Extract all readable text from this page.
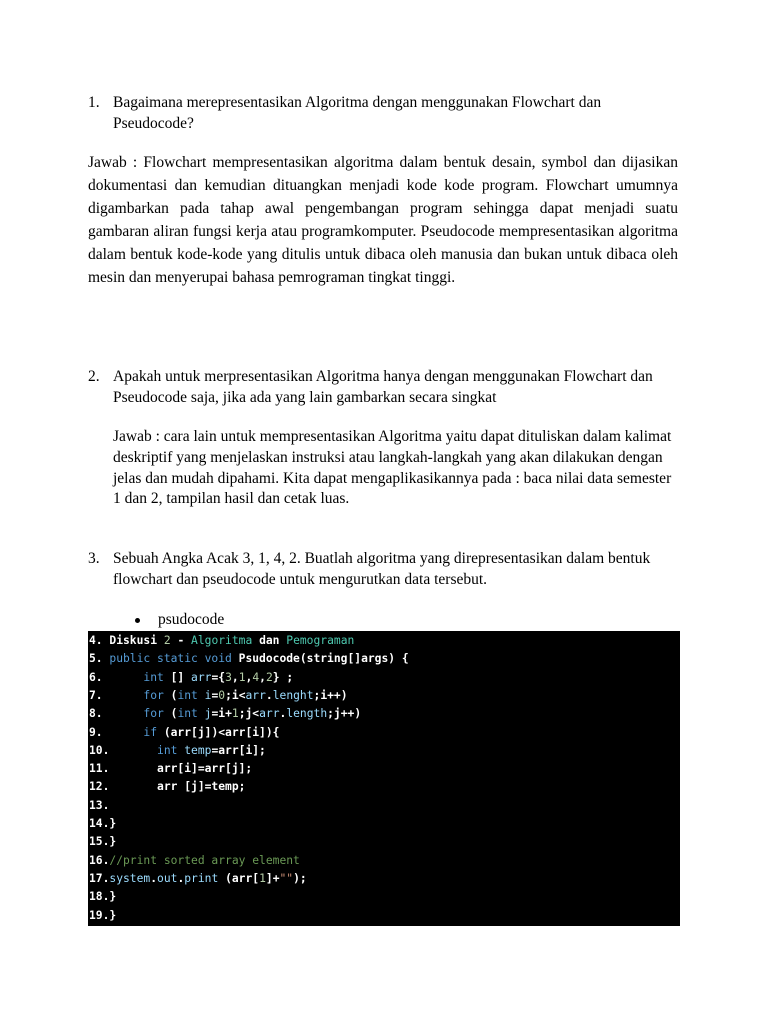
1. Bagaimana merepresentasikan Algoritma dengan menggunakan Flowchart dan Pseudocode?
Jawab : Flowchart mempresentasikan algoritma dalam bentuk desain, symbol dan dijasikan dokumentasi dan kemudian dituangkan menjadi kode kode program. Flowchart umumnya digambarkan pada tahap awal pengembangan program sehingga dapat menjadi suatu gambaran aliran fungsi kerja atau programkomputer. Pseudocode mempresentasikan algoritma dalam bentuk kode-kode yang ditulis untuk dibaca oleh manusia dan bukan untuk dibaca oleh mesin dan menyerupai bahasa pemrograman tingkat tinggi.
2. Apakah untuk merpresentasikan Algoritma hanya dengan menggunakan Flowchart dan Pseudocode saja, jika ada yang lain gambarkan secara singkat
Jawab : cara lain untuk mempresentasikan Algoritma yaitu dapat dituliskan dalam kalimat deskriptif yang menjelaskan instruksi atau langkah-langkah yang akan dilakukan dengan jelas dan mudah dipahami. Kita dapat mengaplikasikannya pada : baca nilai data semester 1 dan 2, tampilan hasil dan cetak luas.
3. Sebuah Angka Acak 3, 1, 4, 2. Buatlah algoritma yang direpresentasikan dalam bentuk flowchart dan pseudocode untuk mengurutkan data tersebut.
psudocode
4. Diskusi 2 - Algoritma dan Pemograman
5. public static void Psudocode(string[]args) {
6.      int [] arr={3,1,4,2} ;
7.      for (int i=0;i<arr.lenght;i++)
8.      for (int j=i+1;j<arr.length;j++)
9.      if (arr[j])<arr[i]){
10.       int temp=arr[i];
11.       arr[i]=arr[j];
12.       arr [j]=temp;
13.
14.}
15.}
16.//print sorted array element
17.system.out.print (arr[1]+"");
18.}
19.}
